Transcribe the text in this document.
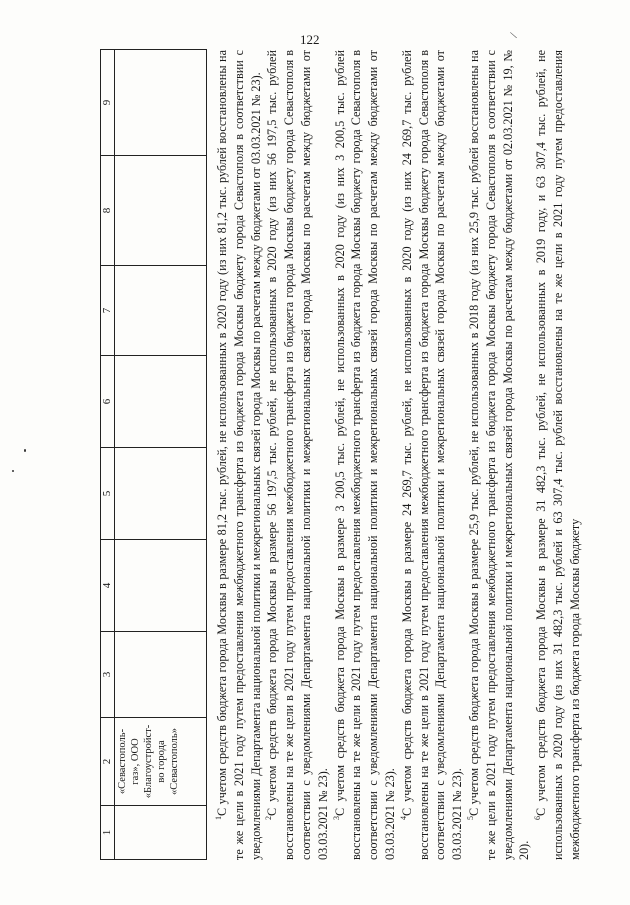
122	\
1	2	3	4	5	6	7	8	9

	«Севастополь- газ», ООО «Благоустройст- во города «Севастополь»							

$^1$С учетом средств бюджета города Москвы в размере 81,2 тыс. рублей, не использованных в 2020 году (из них 81,2 тыс. рублей восстановлены на те же цели в 2021 году путем предоставления межбюджетного трансферта из бюджета города Москвы бюджету города Севастополя в соответствии с уведомлениями Департамента национальной политики и межрегиональных связей города Москвы по расчетам между бюджетами от 03.03.2021 № 23). $^2$С учетом средств бюджета города Москвы в размере 56 197,5 тыс. рублей, не использованных в 2020 году (из них 56 197,5 тыс. рублей восстановлены на те же цели в 2021 году путем предоставления межбюджетного трансферта из бюджета города Москвы бюджету города Севастополя в соответствии с уведомлениями Департамента национальной политики и межрегиональных связей города Москвы по расчетам между бюджетами от 03.03.2021 № 23). $^3$С учетом средств бюджета города Москвы в размере 3 200,5 тыс. рублей, не использованных в 2020 году (из них 3 200,5 тыс. рублей восстановлены на те же цели в 2021 году путем предоставления межбюджетного трансферта из бюджета города Москвы бюджету города Севастополя в соответствии с уведомлениями Департамента национальной политики и межрегиональных связей города Москвы по расчетам между бюджетами от 03.03.2021 № 23). $^4$С учетом средств бюджета города Москвы в размере 24 269,7 тыс. рублей, не использованных в 2020 году (из них 24 269,7 тыс. рублей восстановлены на те же цели в 2021 году путем предоставления межбюджетного трансферта из бюджета города Москвы бюджету города Севастополя в соответствии с уведомлениями Департамента национальной политики и межрегиональных связей города Москвы по расчетам между бюджетами от 03.03.2021 № 23). $^5$С учетом средств бюджета города Москвы в размере 25,9 тыс. рублей, не использованных в 2018 году (из них 25,9 тыс. рублей восстановлены на те же цели в 2021 году путем предоставления межбюджетного трансферта из бюджета города Москвы бюджету города Севастополя в соответствии с уведомлениями Департамента национальной политики и межрегиональных связей города Москвы по расчетам между бюджетами от 02.03.2021 № 19, № 20).

$^6$С учетом средств бюджета города Москвы в размере 31 482,3 тыс. рублей, не использованных в 2019 году, и 63 307,4 тыс. рублей, не использованных в 2020 году (из них 31 482,3 тыс. рублей и 63 307,4 тыс. рублей восстановлены на те же цели в 2021 году путем предоставления межбюджетного трансферта из бюджета города Москвы бюджету
